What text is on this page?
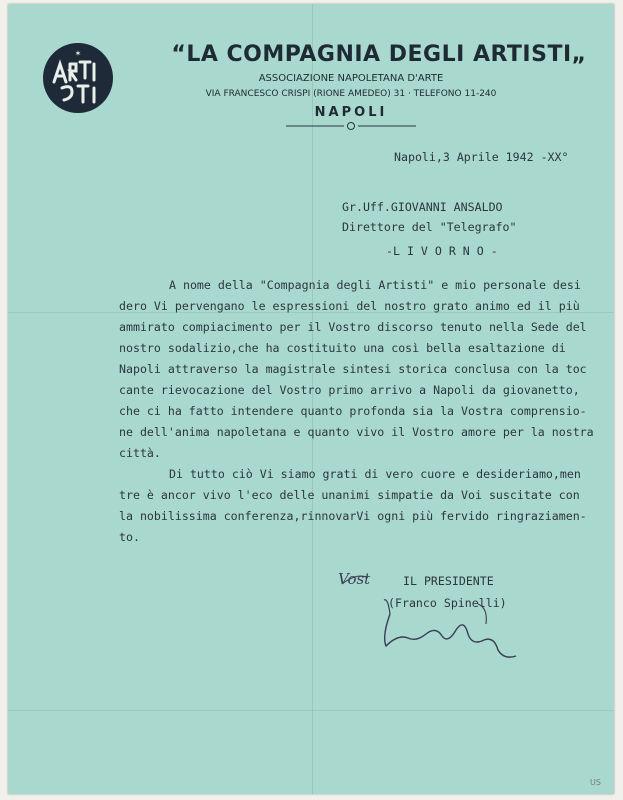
✶	“LA COMPAGNIA DEGLI ARTISTI„
ASSOCIAZIONE NAPOLETANA D'ARTE
VIA FRANCESCO CRISPI (RIONE AMEDEO) 31 · TELEFONO 11-240
NAPOLI
Napoli,3 Aprile 1942 -XX°
Gr.Uff.GIOVANNI ANSALDO
Direttore del "Telegrafo"
-L I V O R N O -
A nome della "Compagnia degli Artisti" e mio personale desi
dero Vi pervengano le espressioni del nostro grato animo ed il più
ammirato compiacimento per il Vostro discorso tenuto nella Sede del
nostro sodalizio,che ha costituito una così bella esaltazione di
Napoli attraverso la magistrale sintesi storica conclusa con la toc
cante rievocazione del Vostro primo arrivo a Napoli da giovanetto,
che ci ha fatto intendere quanto profonda sia la Vostra comprensio-
ne dell'anima napoletana e quanto vivo il Vostro amore per la nostra
città.
Di tutto ciò Vi siamo grati di vero cuore e desideriamo,men
tre è ancor vivo l'eco delle unanimi simpatie da Voi suscitate con
la nobilissima conferenza,rinnovarVi ogni più fervido ringraziamen-
to.
IL PRESIDENTE
(Franco Spinelli)
Vost
US
